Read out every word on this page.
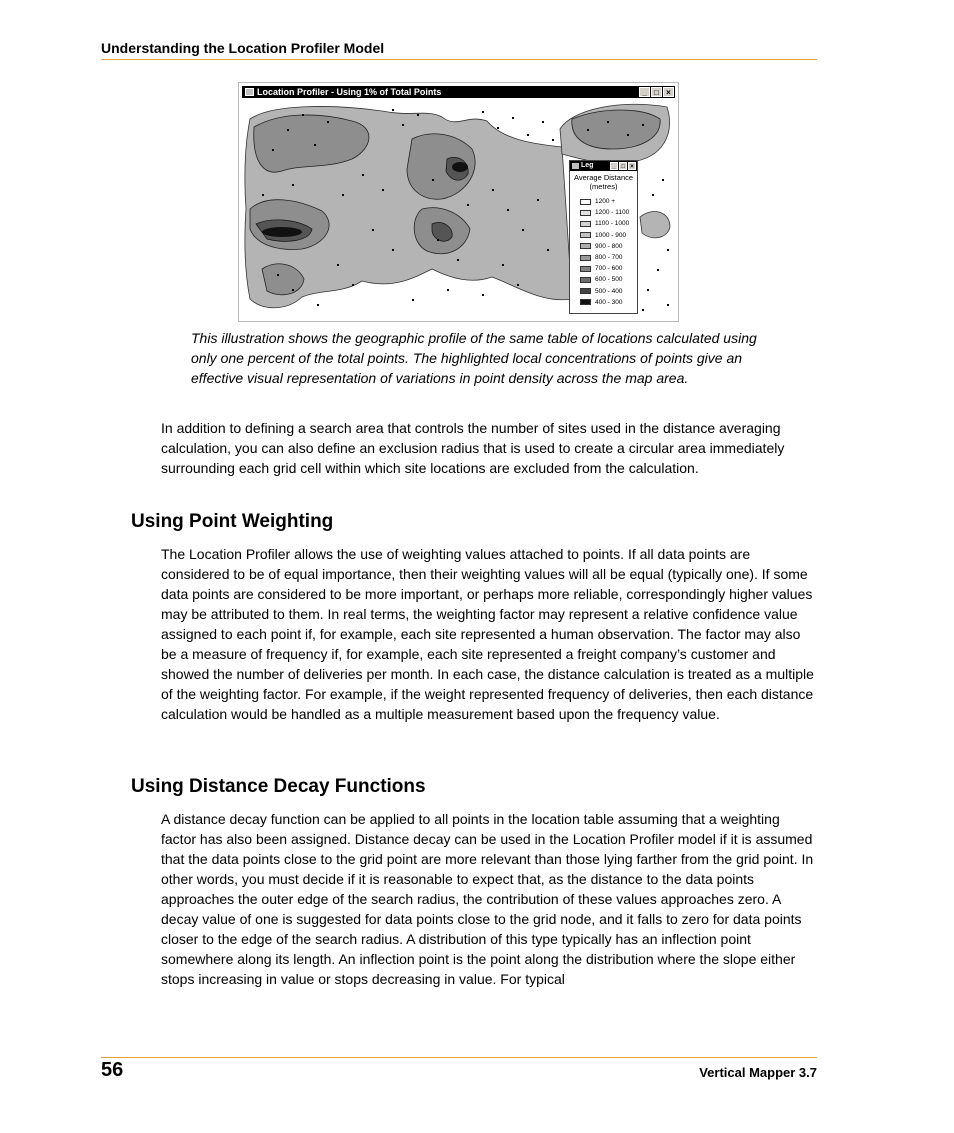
Understanding the Location Profiler Model
Location Profiler - Using 1% of Total Points	_ □ ×
Leg	_ □ ×
Average Distance
(metres)
1200 +
1200 - 1100
1100 - 1000
1000 - 900
900 - 800
800 - 700
700 - 600
600 - 500
500 - 400
400 - 300
This illustration shows the geographic profile of the same table of locations calculated using only one percent of the total points. The highlighted local concentrations of points give an effective visual representation of variations in point density across the map area.
In addition to defining a search area that controls the number of sites used in the distance averaging calculation, you can also define an exclusion radius that is used to create a circular area immediately surrounding each grid cell within which site locations are excluded from the calculation.
Using Point Weighting
The Location Profiler allows the use of weighting values attached to points. If all data points are considered to be of equal importance, then their weighting values will all be equal (typically one). If some data points are considered to be more important, or perhaps more reliable, correspondingly higher values may be attributed to them. In real terms, the weighting factor may represent a relative confidence value assigned to each point if, for example, each site represented a human observation. The factor may also be a measure of frequency if, for example, each site represented a freight company’s customer and showed the number of deliveries per month. In each case, the distance calculation is treated as a multiple of the weighting factor. For example, if the weight represented frequency of deliveries, then each distance calculation would be handled as a multiple measurement based upon the frequency value.
Using Distance Decay Functions
A distance decay function can be applied to all points in the location table assuming that a weighting factor has also been assigned. Distance decay can be used in the Location Profiler model if it is assumed that the data points close to the grid point are more relevant than those lying farther from the grid point. In other words, you must decide if it is reasonable to expect that, as the distance to the data points approaches the outer edge of the search radius, the contribution of these values approaches zero. A decay value of one is suggested for data points close to the grid node, and it falls to zero for data points closer to the edge of the search radius. A distribution of this type typically has an inflection point somewhere along its length. An inflection point is the point along the distribution where the slope either stops increasing in value or stops decreasing in value. For typical
56	Vertical Mapper 3.7
